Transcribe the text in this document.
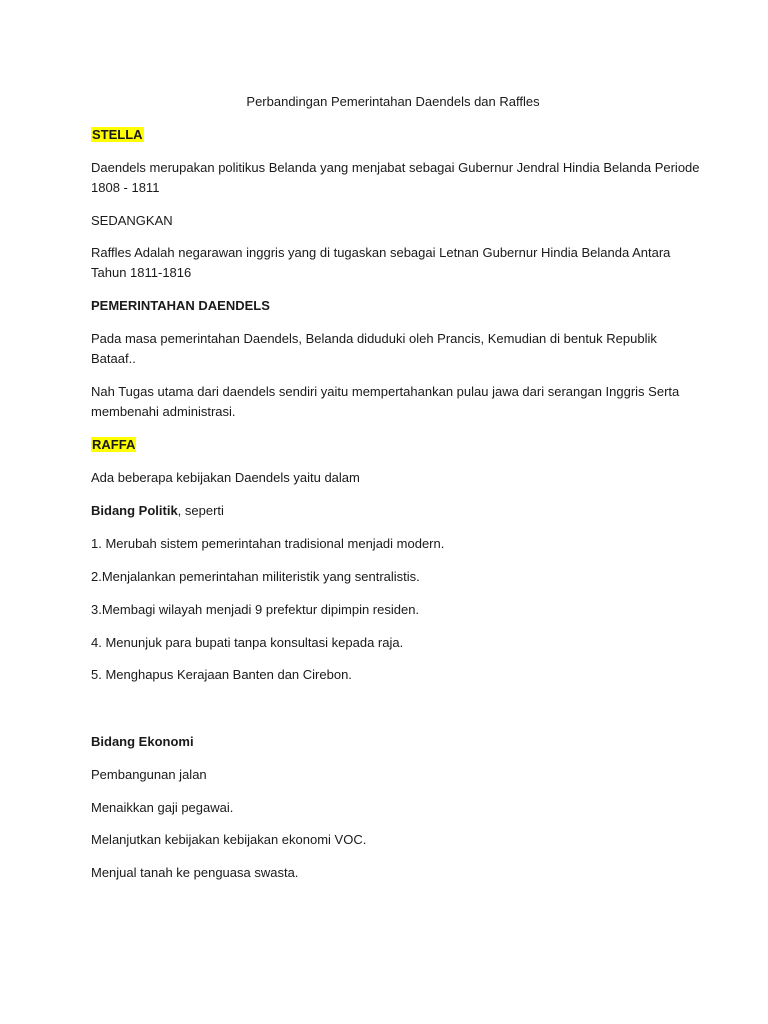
Perbandingan Pemerintahan Daendels dan Raffles
STELLA
Daendels merupakan politikus Belanda yang menjabat sebagai Gubernur Jendral Hindia Belanda Periode
1808 - 1811
SEDANGKAN
Raffles Adalah negarawan inggris yang di tugaskan sebagai Letnan Gubernur Hindia Belanda Antara
Tahun 1811-1816
PEMERINTAHAN DAENDELS
Pada masa pemerintahan Daendels, Belanda diduduki oleh Prancis, Kemudian di bentuk Republik
Bataaf..
Nah Tugas utama dari daendels sendiri yaitu mempertahankan pulau jawa dari serangan Inggris Serta
membenahi administrasi.
RAFFA
Ada beberapa kebijakan Daendels yaitu dalam
Bidang Politik, seperti
1. Merubah sistem pemerintahan tradisional menjadi modern.
2.Menjalankan pemerintahan militeristik yang sentralistis.
3.Membagi wilayah menjadi 9 prefektur dipimpin residen.
4. Menunjuk para bupati tanpa konsultasi kepada raja.
5. Menghapus Kerajaan Banten dan Cirebon.
Bidang Ekonomi
Pembangunan jalan
Menaikkan gaji pegawai.
Melanjutkan kebijakan kebijakan ekonomi VOC.
Menjual tanah ke penguasa swasta.
